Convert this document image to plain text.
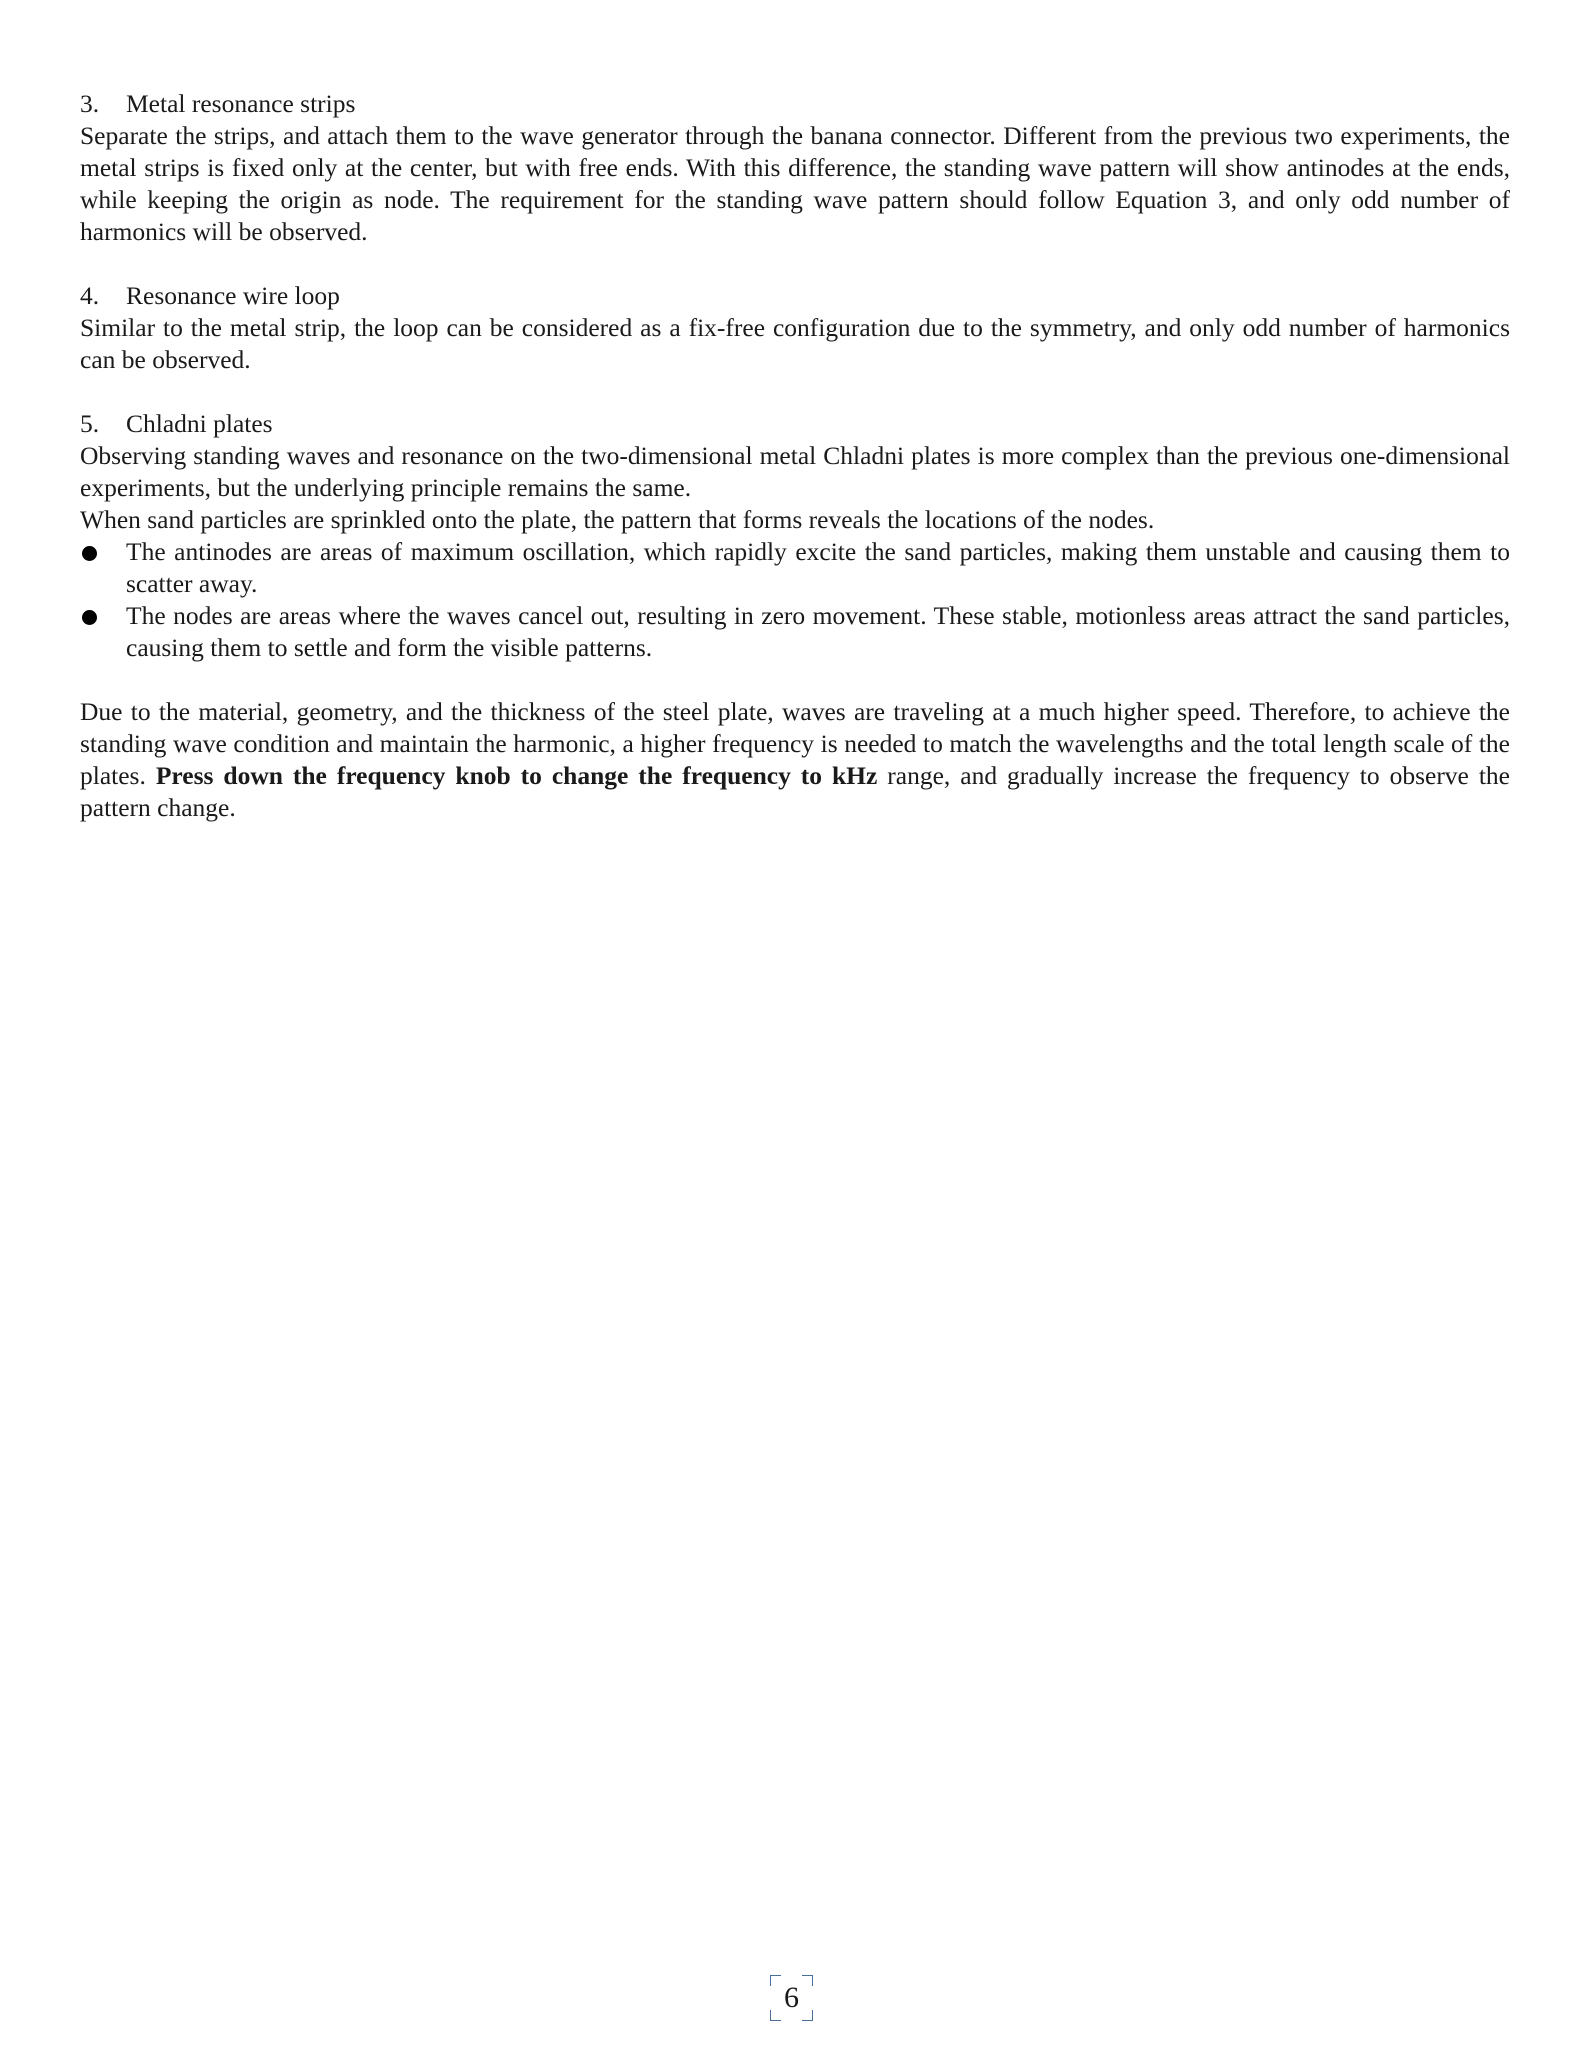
3. Metal resonance strips
Separate the strips, and attach them to the wave generator through the banana connector. Different from the previous two experiments, the metal strips is fixed only at the center, but with free ends. With this difference, the standing wave pattern will show antinodes at the ends, while keeping the origin as node. The requirement for the standing wave pattern should follow Equation 3, and only odd number of harmonics will be observed.
4. Resonance wire loop
Similar to the metal strip, the loop can be considered as a fix-free configuration due to the symmetry, and only odd number of harmonics can be observed.
5. Chladni plates
Observing standing waves and resonance on the two-dimensional metal Chladni plates is more complex than the previous one-dimensional experiments, but the underlying principle remains the same.
When sand particles are sprinkled onto the plate, the pattern that forms reveals the locations of the nodes.
The antinodes are areas of maximum oscillation, which rapidly excite the sand particles, making them unstable and causing them to scatter away.
The nodes are areas where the waves cancel out, resulting in zero movement. These stable, motionless areas attract the sand particles, causing them to settle and form the visible patterns.
Due to the material, geometry, and the thickness of the steel plate, waves are traveling at a much higher speed. Therefore, to achieve the standing wave condition and maintain the harmonic, a higher frequency is needed to match the wavelengths and the total length scale of the plates. Press down the frequency knob to change the frequency to kHz range, and gradually increase the frequency to observe the pattern change.
6
